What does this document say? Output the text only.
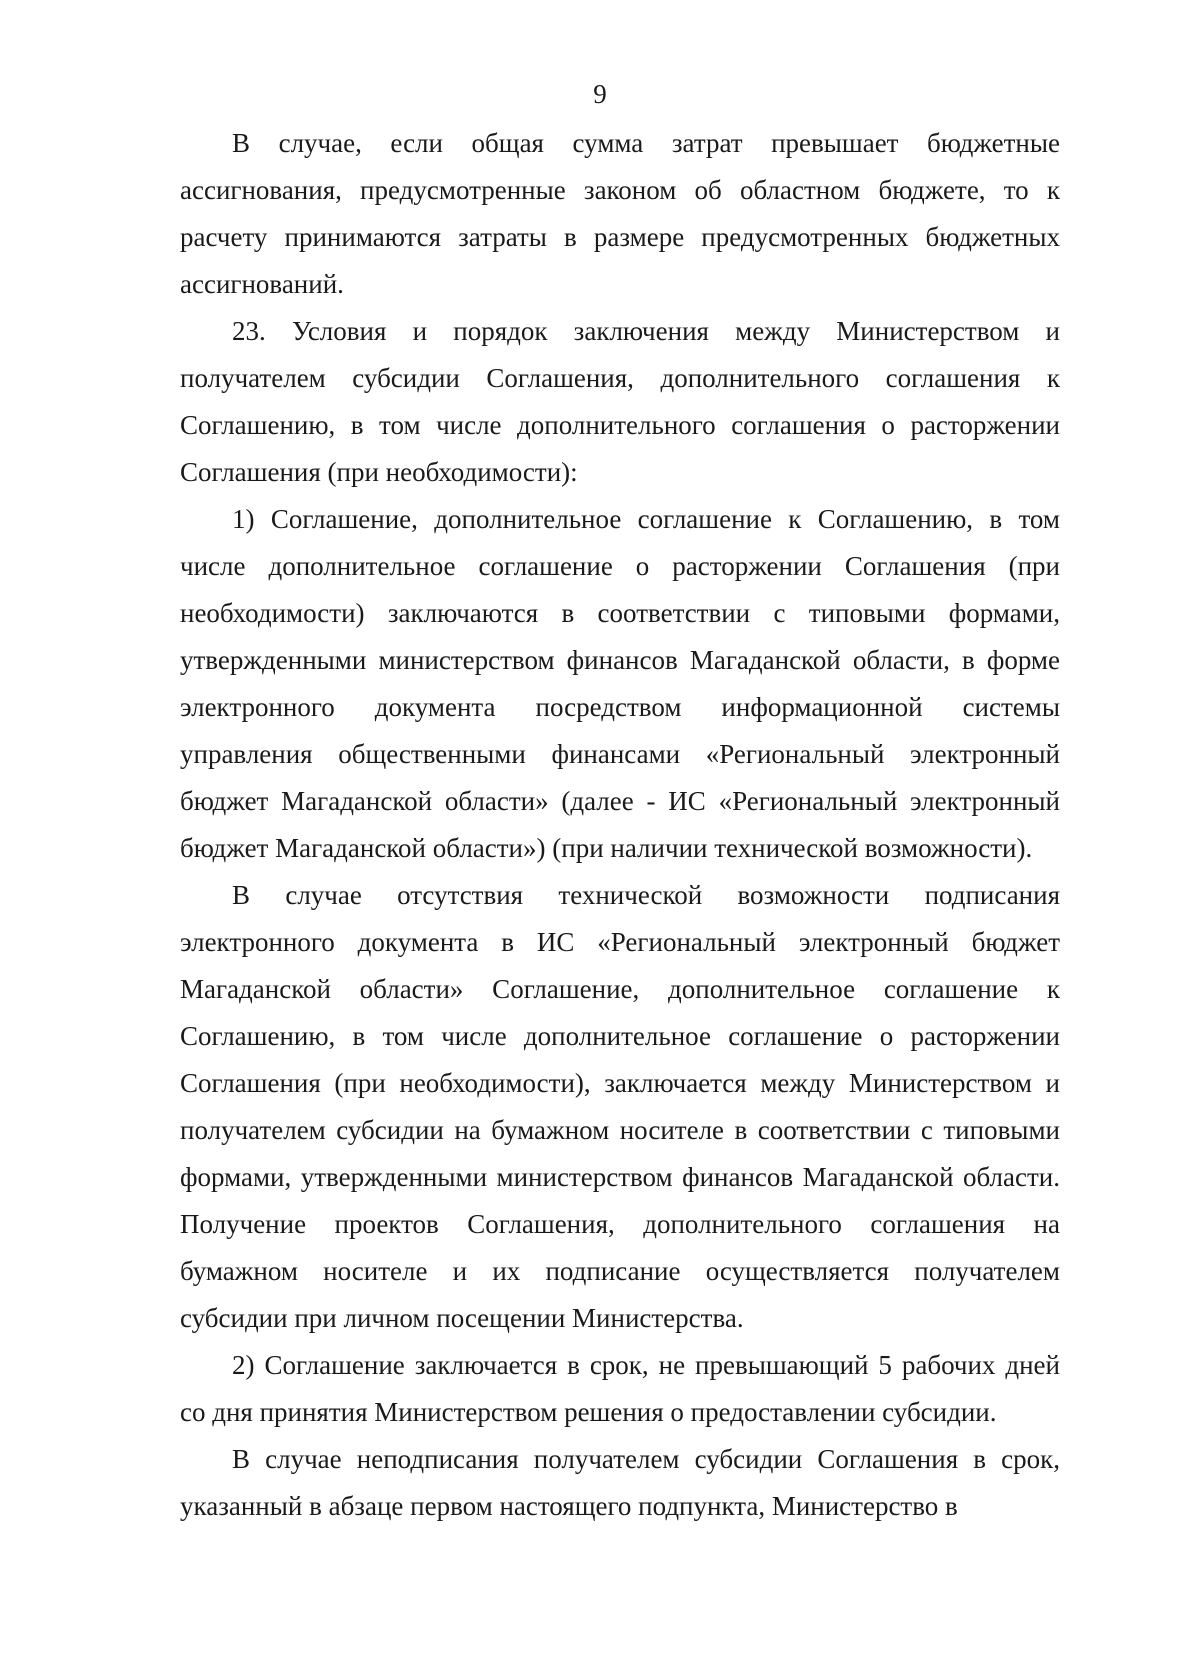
9

В случае, если общая сумма затрат превышает бюджетные ассигнования, предусмотренные законом об областном бюджете, то к расчету принимаются затраты в размере предусмотренных бюджетных ассигнований.

23. Условия и порядок заключения между Министерством и получателем субсидии Соглашения, дополнительного соглашения к Соглашению, в том числе дополнительного соглашения о расторжении Соглашения (при необходимости):

1) Соглашение, дополнительное соглашение к Соглашению, в том числе дополнительное соглашение о расторжении Соглашения (при необходимости) заключаются в соответствии с типовыми формами, утвержденными министерством финансов Магаданской области, в форме электронного документа посредством информационной системы управления общественными финансами «Региональный электронный бюджет Магаданской области» (далее - ИС «Региональный электронный бюджет Магаданской области») (при наличии технической возможности).

В случае отсутствия технической возможности подписания электронного документа в ИС «Региональный электронный бюджет Магаданской области» Соглашение, дополнительное соглашение к Соглашению, в том числе дополнительное соглашение о расторжении Соглашения (при необходимости), заключается между Министерством и получателем субсидии на бумажном носителе в соответствии с типовыми формами, утвержденными министерством финансов Магаданской области. Получение проектов Соглашения, дополнительного соглашения на бумажном носителе и их подписание осуществляется получателем субсидии при личном посещении Министерства.

2) Соглашение заключается в срок, не превышающий 5 рабочих дней со дня принятия Министерством решения о предоставлении субсидии.

В случае неподписания получателем субсидии Соглашения в срок, указанный в абзаце первом настоящего подпункта, Министерство в
